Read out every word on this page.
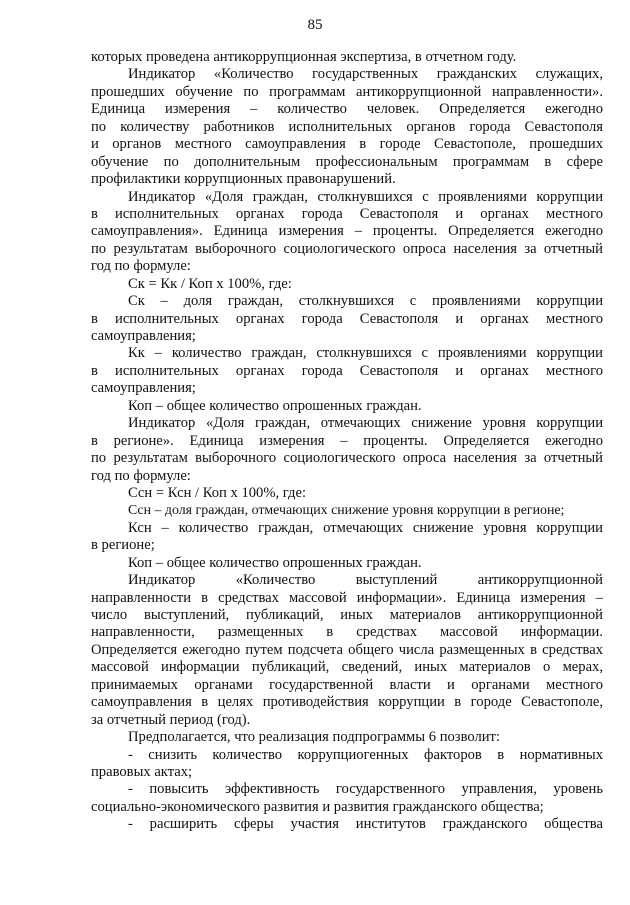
85
которых проведена антикоррупционная экспертиза, в отчетном году.
Индикатор «Количество государственных гражданских служащих,
прошедших обучение по программам антикоррупционной направленности».
Единица измерения – количество человек. Определяется ежегодно
по количеству работников исполнительных органов города Севастополя
и органов местного самоуправления в городе Севастополе, прошедших
обучение по дополнительным профессиональным программам в сфере
профилактики коррупционных правонарушений.
Индикатор «Доля граждан, столкнувшихся с проявлениями коррупции
в исполнительных органах города Севастополя и органах местного
самоуправления». Единица измерения – проценты. Определяется ежегодно
по результатам выборочного социологического опроса населения за отчетный
год по формуле:
Ск = Кк / Коп х 100%, где:
Ск – доля граждан, столкнувшихся с проявлениями коррупции
в исполнительных органах города Севастополя и органах местного
самоуправления;
Кк – количество граждан, столкнувшихся с проявлениями коррупции
в исполнительных органах города Севастополя и органах местного
самоуправления;
Коп – общее количество опрошенных граждан.
Индикатор «Доля граждан, отмечающих снижение уровня коррупции
в регионе». Единица измерения – проценты. Определяется ежегодно
по результатам выборочного социологического опроса населения за отчетный
год по формуле:
Ссн = Ксн / Коп х 100%, где:
Ссн – доля граждан, отмечающих снижение уровня коррупции в регионе;
Ксн – количество граждан, отмечающих снижение уровня коррупции
в регионе;
Коп – общее количество опрошенных граждан.
Индикатор «Количество выступлений антикоррупционной
направленности в средствах массовой информации». Единица измерения –
число выступлений, публикаций, иных материалов антикоррупционной
направленности, размещенных в средствах массовой информации.
Определяется ежегодно путем подсчета общего числа размещенных в средствах
массовой информации публикаций, сведений, иных материалов о мерах,
принимаемых органами государственной власти и органами местного
самоуправления в целях противодействия коррупции в городе Севастополе,
за отчетный период (год).
Предполагается, что реализация подпрограммы 6 позволит:
- снизить количество коррупциогенных факторов в нормативных
правовых актах;
- повысить эффективность государственного управления, уровень
социально-экономического развития и развития гражданского общества;
- расширить сферы участия институтов гражданского общества
